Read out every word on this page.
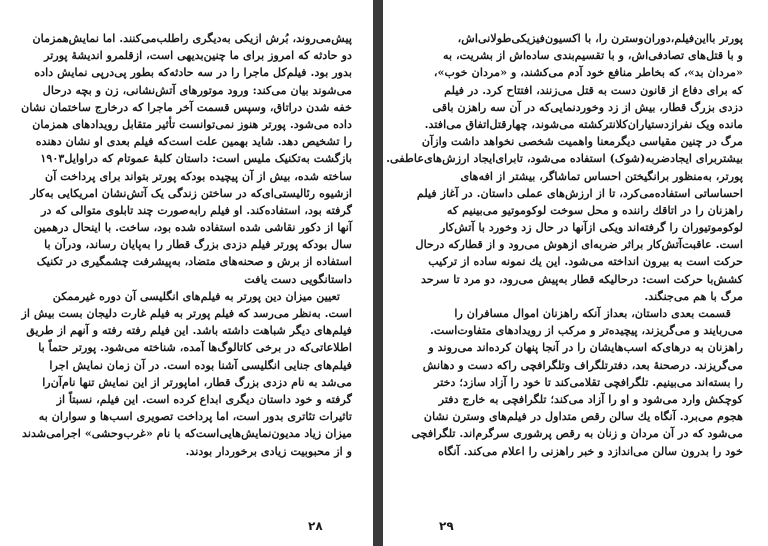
پیش‌می‌روند، بُرش ازیکی به‌دیگری راطلب‌می‌کنند. اما نمایش‌همزمان
دو حادثه که امروز برای ما چنین‌بدیهی است، ازقلمرو اندیشهٔ پورتر
بدور بود. فیلم‌کل ماجرا را در سه حادثه‌که بطور پی‌درپی نمایش داده
می‌شوند بیان می‌کند: ورود موتورهای آتش‌نشانی، زن و بچه درحال
خفه شدن دراتاق، وسپس قسمت آخر ماجرا که درخارج ساختمان نشان
داده می‌شود. پورتر هنوز نمی‌توانست تأثیر متقابل رویدادهای همزمان
را تشخیص دهد. شاید بهمین علت است‌که فیلم بعدی او نشان دهنده
بازگشت به‌تکنیک ملیس است: داستان کلبهٔ عموتام که دراوایل۱۹۰۳
ساخته شده، بیش از آن پیچیده بودکه پورتر بتواند برای پرداخت آن
ازشیوه رئالیستی‌ای‌که در ساختن زندگی یک آتش‌نشان امریکایی به‌کار
گرفته بود، استفاده‌کند. او فیلم رابه‌صورت چند تابلوی متوالی که در
آنها از دکور نقاشی شده استفاده شده بود، ساخت. با اینحال درهمین
سال بودکه پورتر فیلم دزدی بزرگ قطار را به‌پایان رساند، ودرآن با
استفاده از برش و صحنه‌های متضاد، به‌پیشرفت چشمگیری در تکنیک
داستانگویی دست یافت
تعیین میزان دین پورتر به فیلم‌های انگلیسی آن دوره غیرممکن
است. به‌نظر می‌رسد که فیلم پورتر به فیلم غارت دلیجان بست بیش از
فیلم‌های دیگر شباهت داشته باشد. این فیلم رفته رفته و آنهم از طریق
اطلاعاتی‌که در برخی کاتالوگ‌ها آمده، شناخته می‌شود. پورتر حتماً با
فیلم‌های جنایی انگلیسی آشنا بوده است. در آن زمان نمایش اجرا
می‌شد به نام دزدی بزرگ قطار، اماپورتر از این نمایش تنها نام‌آن‌را
گرفته و خود داستان دیگری ابداع کرده است. این فیلم، نسبتاً از
تاثیرات تئاتری بدور است، اما پرداخت تصویری اسب‌ها و سواران به
میزان زیاد مدیون‌نمایش‌هایی‌است‌که با نام «غرب‌وحشی» اجرامی‌شدند
و از محبوبیت زیادی برخوردار بودند.
۲۸
پورتر بااین‌فیلم،دوران‌وسترن را، با اکسیون‌فیزیکی‌طولانی‌اش،
و با قتل‌های تصادفی‌اش، و با تقسیم‌بندی ساده‌اش از بشریت، به
«مردان بد»، که بخاطر منافع خود آدم می‌کشند، و «مردان خوب»،
که برای دفاع از قانون دست به قتل می‌زنند، افتتاح کرد. در فیلم
دزدی بزرگ قطار، بیش از زد وخوردنمایی‌که در آن سه راهزن باقی
مانده ویک نفرازدستیاران‌کلانترکشته می‌شوند، چهارقتل‌اتفاق می‌افتد.
مرگ در چنین مقیاسی دیگرمعنا واهمیت شخصی نخواهد داشت وازآن
بیشتربرای ایجادضربه(شوک) استفاده می‌شود، تابرای‌ایجاد ارزش‌های‌عاطفی.
پورتر، به‌منظور برانگیختن احساس تماشاگر، بیشتر از افه‌های
احساساتی استفاده‌می‌کرد، تا از ارزش‌های عملی داستان. در آغاز فیلم
راهزنان را در اتاقك راننده و محل سوخت لوکوموتیو می‌بینیم که
لوکوموتیوران را گرفته‌اند ویکی ازآنها در حال زد وخورد با آتش‌کار
است. عاقبت‌آتش‌کار براثر ضربه‌ای ازهوش می‌رود و از قطارکه درحال
حرکت است به بیرون انداخته می‌شود. این یك نمونه ساده از ترکیب
کشش‌با حرکت است: درحالیکه قطار به‌پیش می‌رود، دو مرد تا سرحد
مرگ با هم می‌جنگند.
قسمت بعدی داستان، بعداز آنکه راهزنان اموال مسافران را
می‌ربایند و می‌گریزند، پیچیده‌تر و مرکب از رویدادهای متفاوت‌است.
راهزنان به درهای‌که اسب‌هایشان را در آنجا پنهان کرده‌اند می‌روند و
می‌گریزند. درصحنهٔ بعد، دفترتلگراف وتلگرافچی راکه دست و دهانش
را بسته‌اند می‌بینیم. تلگرافچی تقلامی‌کند تا خود را آزاد سازد؛ دختر
کوچکش وارد می‌شود و او را آزاد می‌کند؛ تلگرافچی به خارج دفتر
هجوم می‌برد. آنگاه یك سالن رقص متداول در فیلم‌های وسترن نشان
می‌شود که در آن مردان و زنان به رقص پرشوری سرگرم‌اند. تلگرافچی
خود را بدرون سالن می‌اندازد و خبر راهزنی را اعلام می‌کند. آنگاه
۲۹
